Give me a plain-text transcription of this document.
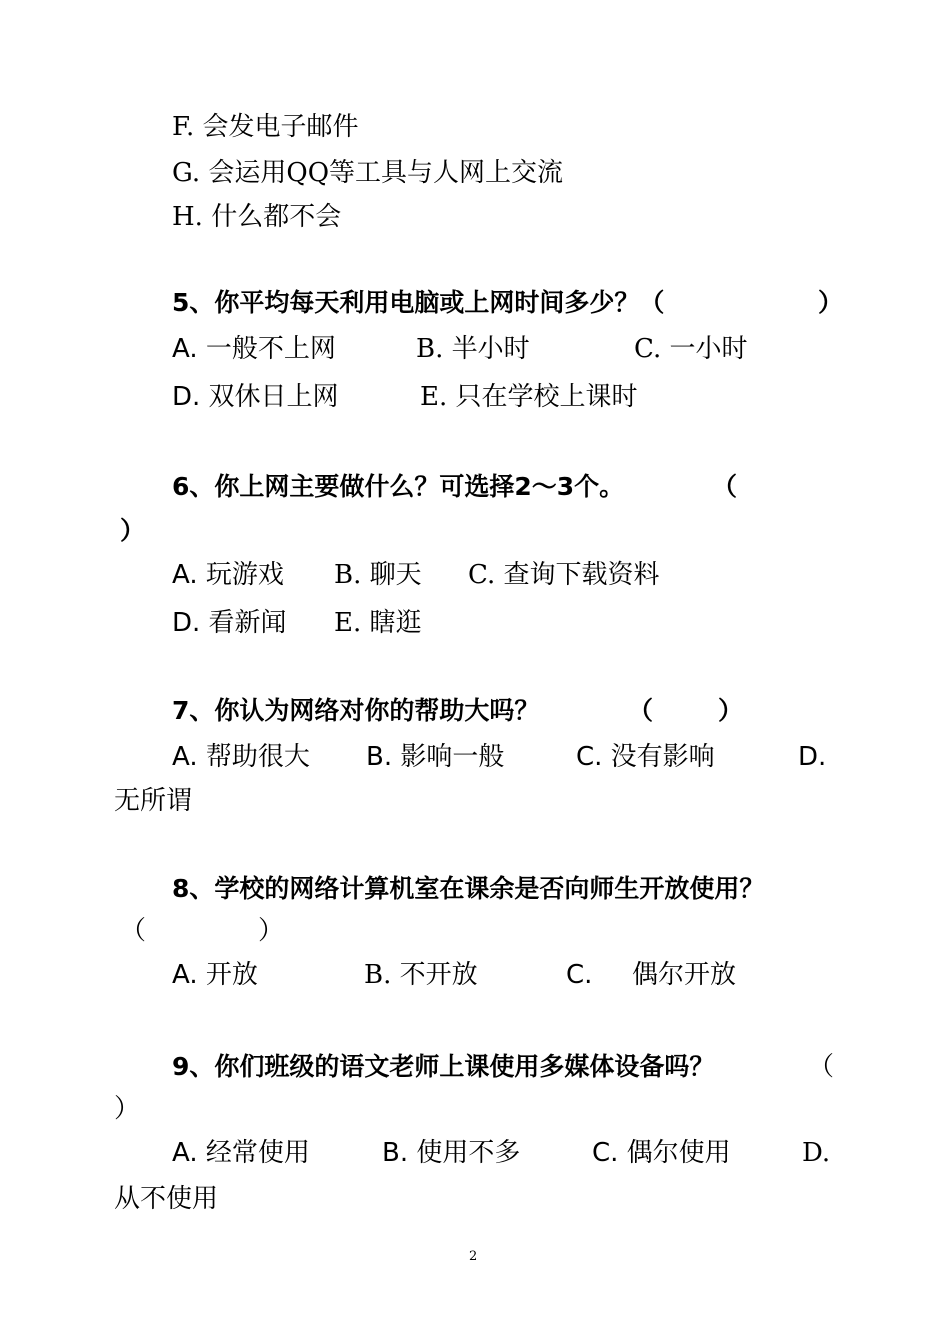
F. 会发电子邮件
G. 会运用QQ等工具与人网上交流
H. 什么都不会
5、你平均每天利用电脑或上网时间多少？（	）
A. 一般不上网	B. 半小时	C. 一小时
D. 双休日上网	E. 只在学校上课时
6、你上网主要做什么？可选择2～3个。	（
）
A. 玩游戏 B. 聊天 C. 查询下载资料
D. 看新闻 E. 瞎逛
7、你认为网络对你的帮助大吗？	（	）
A. 帮助很大 B. 影响一般	C. 没有影响	D.
无所谓
8、学校的网络计算机室在课余是否向师生开放使用？
（	）
A. 开放	B. 不开放	C. 偶尔开放
9、你们班级的语文老师上课使用多媒体设备吗？	（
）
A. 经常使用	B. 使用不多	C. 偶尔使用	D.
从不使用
2
